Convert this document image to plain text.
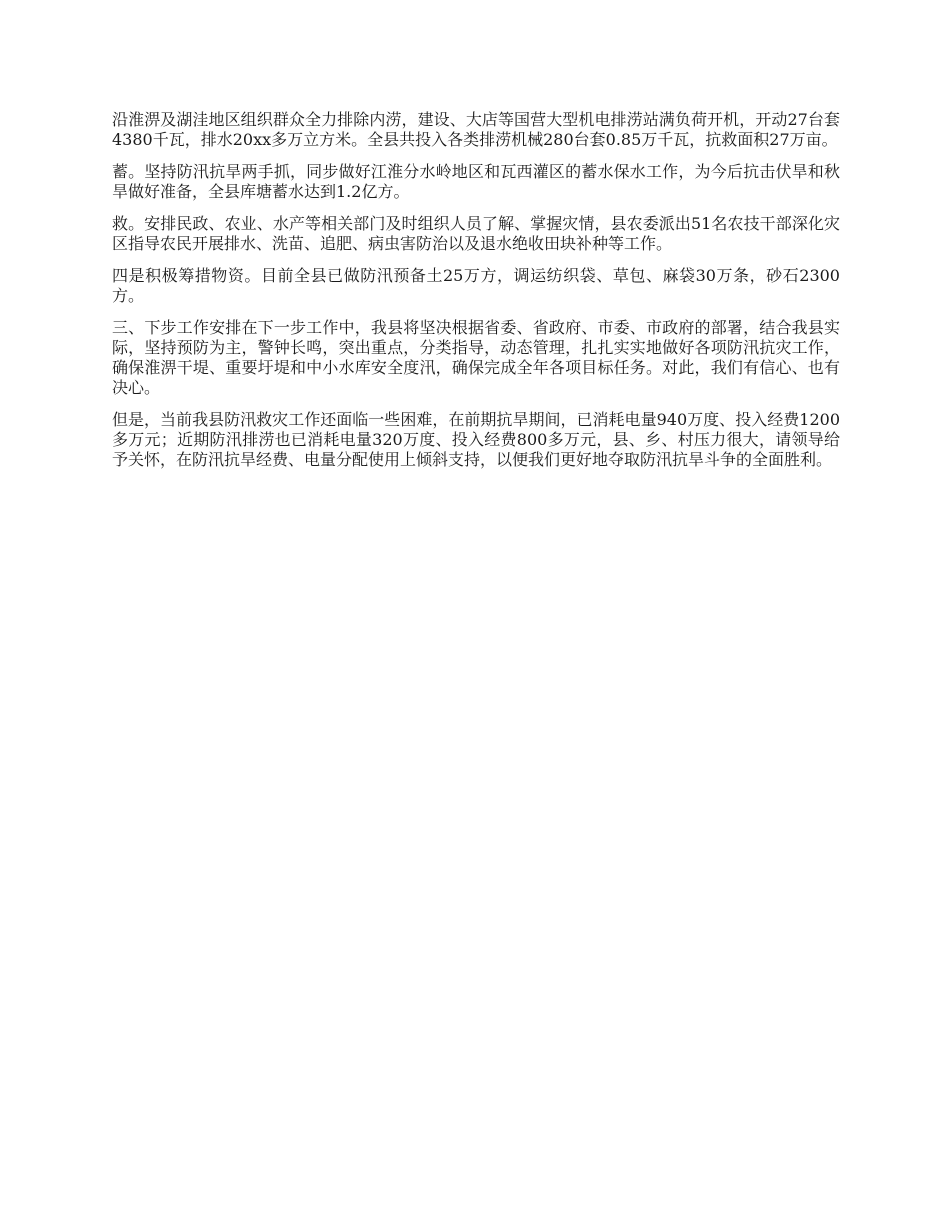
沿淮淠及湖洼地区组织群众全力排除内涝，建设、大店等国营大型机电排涝站满负荷开机，开动27台套4380千瓦，排水20xx多万立方米。全县共投入各类排涝机械280台套0.85万千瓦，抗救面积27万亩。

蓄。坚持防汛抗旱两手抓，同步做好江淮分水岭地区和瓦西灌区的蓄水保水工作，为今后抗击伏旱和秋旱做好准备，全县库塘蓄水达到1.2亿方。

救。安排民政、农业、水产等相关部门及时组织人员了解、掌握灾情，县农委派出51名农技干部深化灾区指导农民开展排水、洗苗、追肥、病虫害防治以及退水绝收田块补种等工作。

四是积极筹措物资。目前全县已做防汛预备土25万方，调运纺织袋、草包、麻袋30万条，砂石2300方。

三、下步工作安排在下一步工作中，我县将坚决根据省委、省政府、市委、市政府的部署，结合我县实际，坚持预防为主，警钟长鸣，突出重点，分类指导，动态管理，扎扎实实地做好各项防汛抗灾工作，确保淮淠干堤、重要圩堤和中小水库安全度汛，确保完成全年各项目标任务。对此，我们有信心、也有决心。

但是，当前我县防汛救灾工作还面临一些困难，在前期抗旱期间，已消耗电量940万度、投入经费1200多万元；近期防汛排涝也已消耗电量320万度、投入经费800多万元，县、乡、村压力很大，请领导给予关怀，在防汛抗旱经费、电量分配使用上倾斜支持，以便我们更好地夺取防汛抗旱斗争的全面胜利。
